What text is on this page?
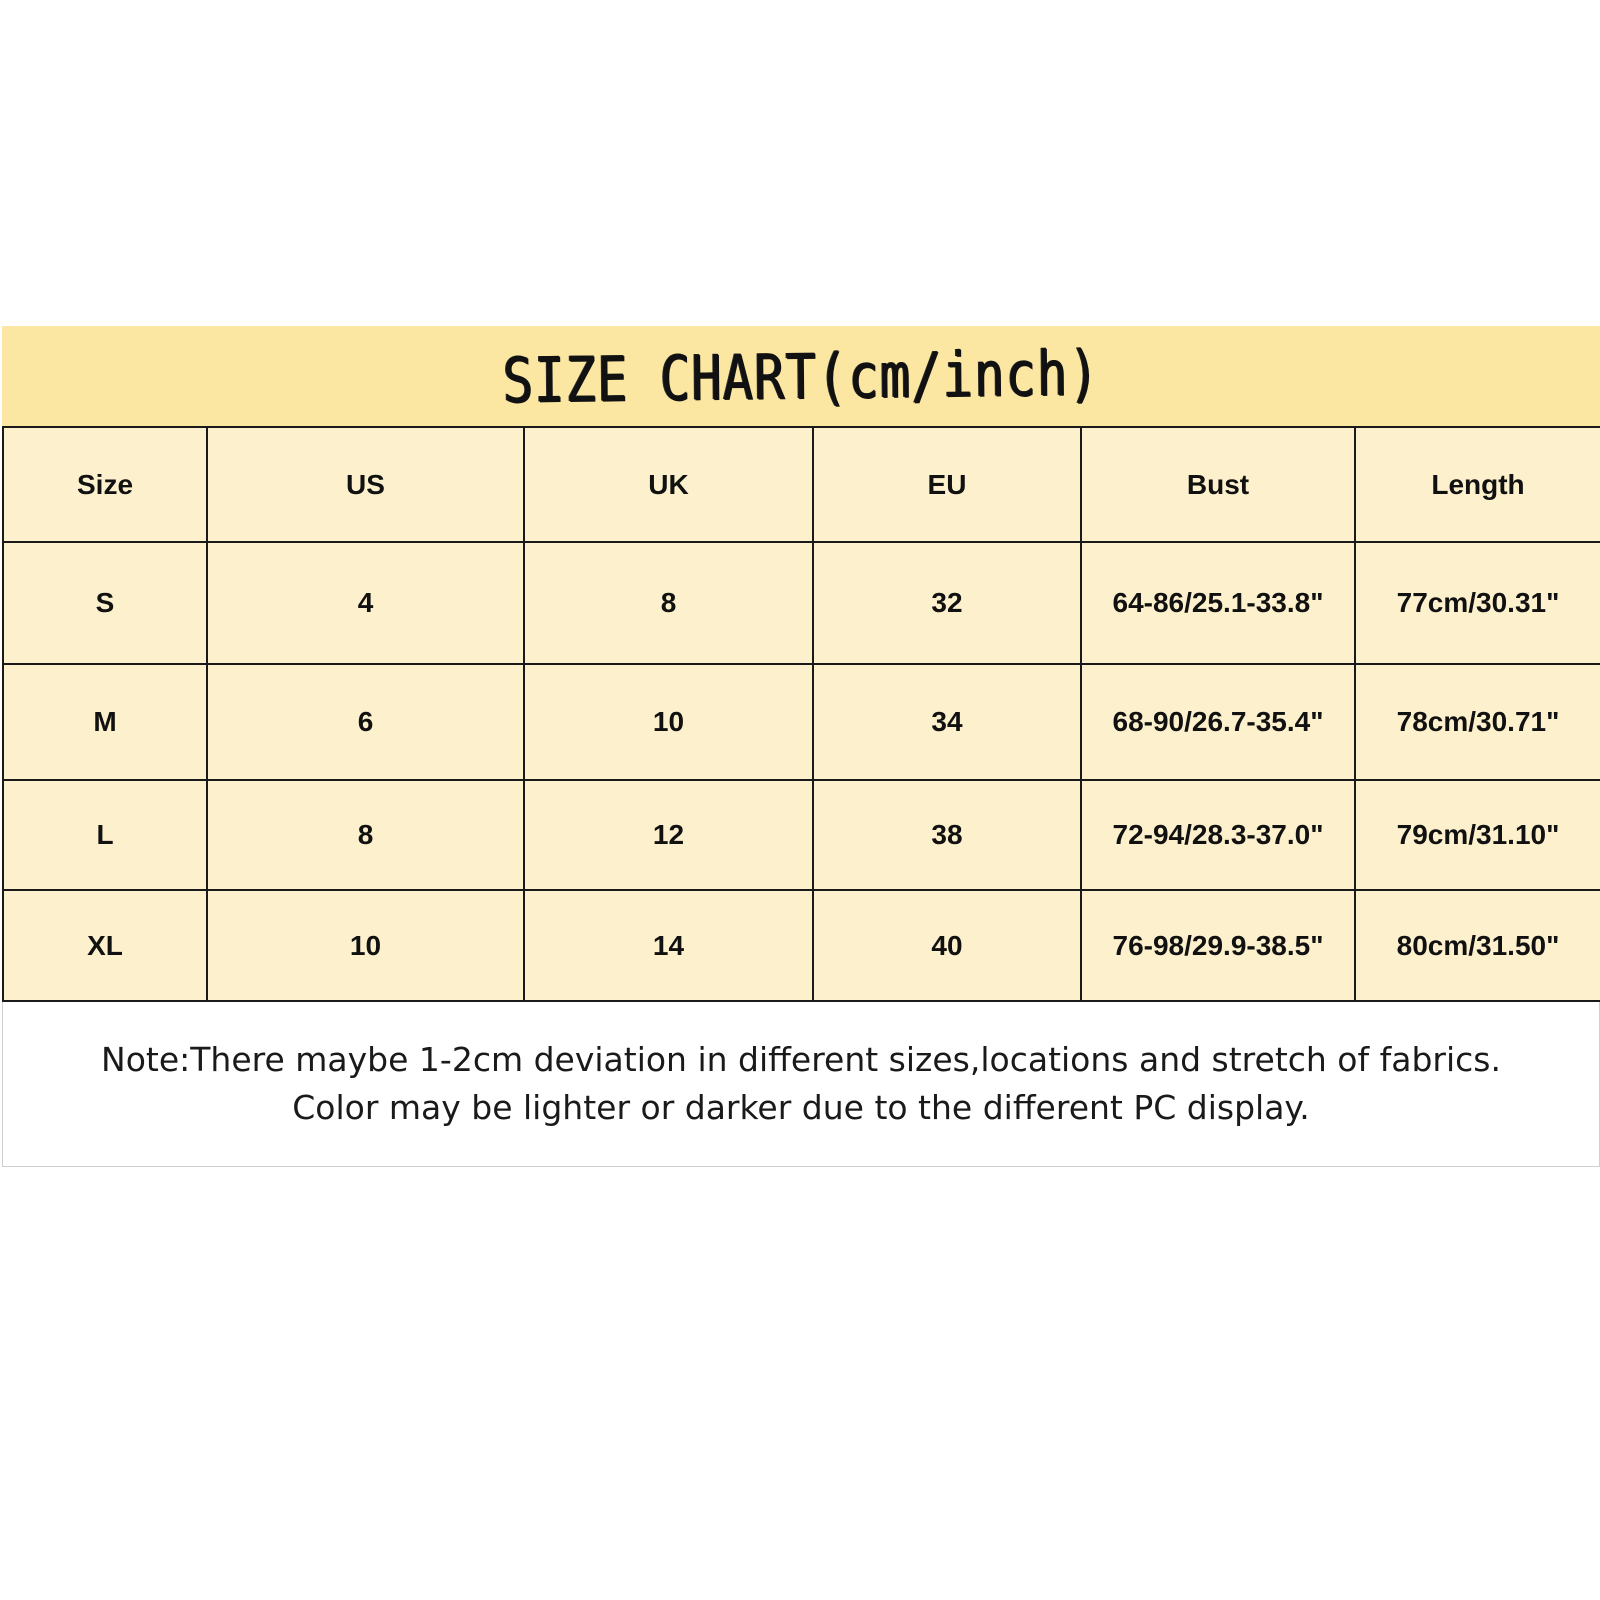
SIZE CHART(cm/inch)
Size	US	UK	EU	Bust	Length
S	4	8	32	64-86/25.1-33.8"	77cm/30.31"
M	6	10	34	68-90/26.7-35.4"	78cm/30.71"
L	8	12	38	72-94/28.3-37.0"	79cm/31.10"
XL	10	14	40	76-98/29.9-38.5"	80cm/31.50"
Note:There maybe 1-2cm deviation in different sizes,locations and stretch of fabrics.
Color may be lighter or darker due to the different PC display.
